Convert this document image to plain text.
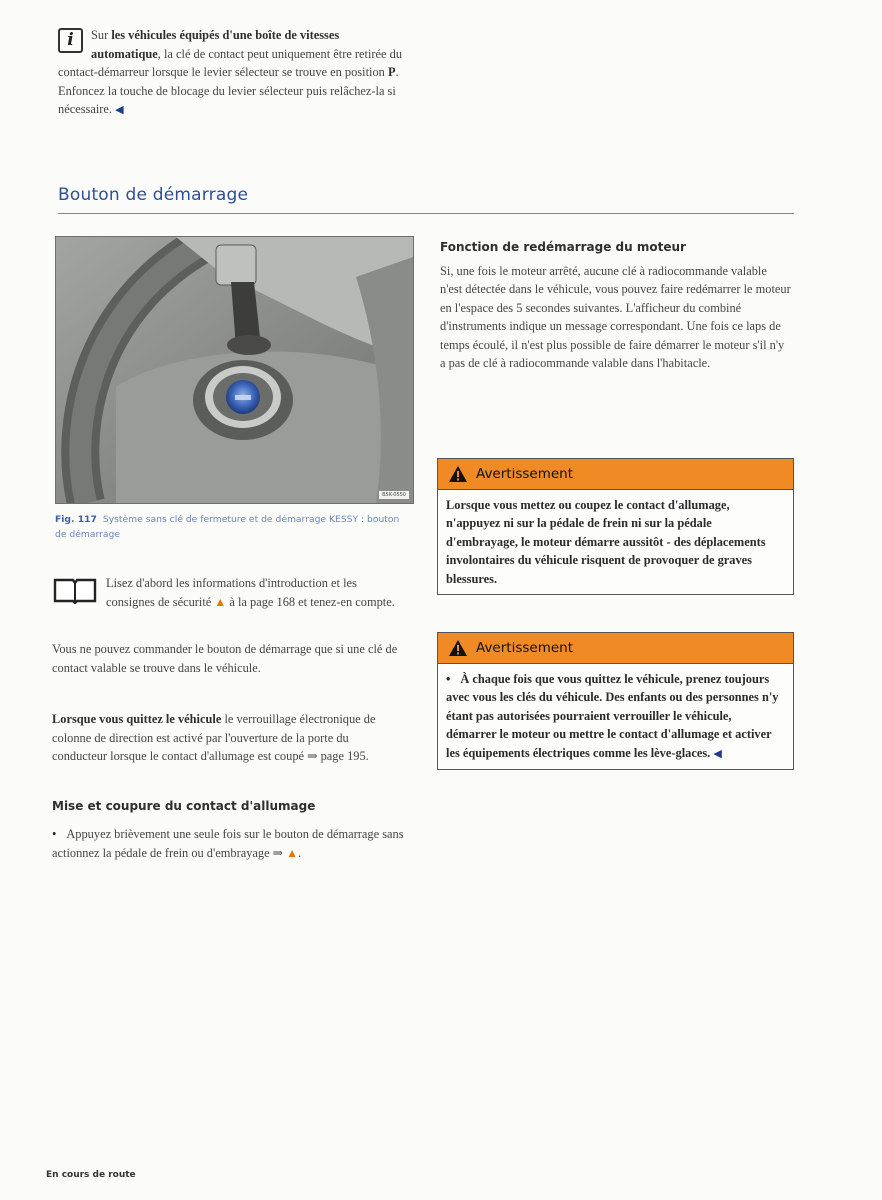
i	Sur les véhicules équipés d'une boîte de vitesses automatique, la clé de contact peut uniquement être retirée du contact-démarreur lorsque le levier sélecteur se trouve en position P. Enfoncez la touche de blocage du levier sélecteur puis relâchez-la si nécessaire. ◀
Bouton de démarrage
B5K-0550
Fig. 117 Système sans clé de fermeture et de démarrage KESSY : bouton de démarrage
Lisez d'abord les informations d'introduction et les consignes de sécurité ▲ à la page 168 et tenez-en compte.
Vous ne pouvez commander le bouton de démarrage que si une clé de contact valable se trouve dans le véhicule.
Lorsque vous quittez le véhicule le verrouillage électronique de colonne de direction est activé par l'ouverture de la porte du conducteur lorsque le contact d'allumage est coupé ⇒ page 195.
Mise et coupure du contact d'allumage
• Appuyez brièvement une seule fois sur le bouton de démarrage sans actionnez la pédale de frein ou d'embrayage ⇒ ▲.
Fonction de redémarrage du moteur
Si, une fois le moteur arrêté, aucune clé à radiocommande valable n'est détectée dans le véhicule, vous pouvez faire redémarrer le moteur en l'espace des 5 secondes suivantes. L'afficheur du combiné d'instruments indique un message correspondant. Une fois ce laps de temps écoulé, il n'est plus possible de faire démarrer le moteur s'il n'y a pas de clé à radiocommande valable dans l'habitacle.
Avertissement
Lorsque vous mettez ou coupez le contact d'allumage, n'appuyez ni sur la pédale de frein ni sur la pédale d'embrayage, le moteur démarre aussitôt - des déplacements involontaires du véhicule risquent de provoquer de graves blessures.
Avertissement
• À chaque fois que vous quittez le véhicule, prenez toujours avec vous les clés du véhicule. Des enfants ou des personnes n'y étant pas autorisées pourraient verrouiller le véhicule, démarrer le moteur ou mettre le contact d'allumage et activer les équipements électriques comme les lève-glaces. ◀
En cours de route
